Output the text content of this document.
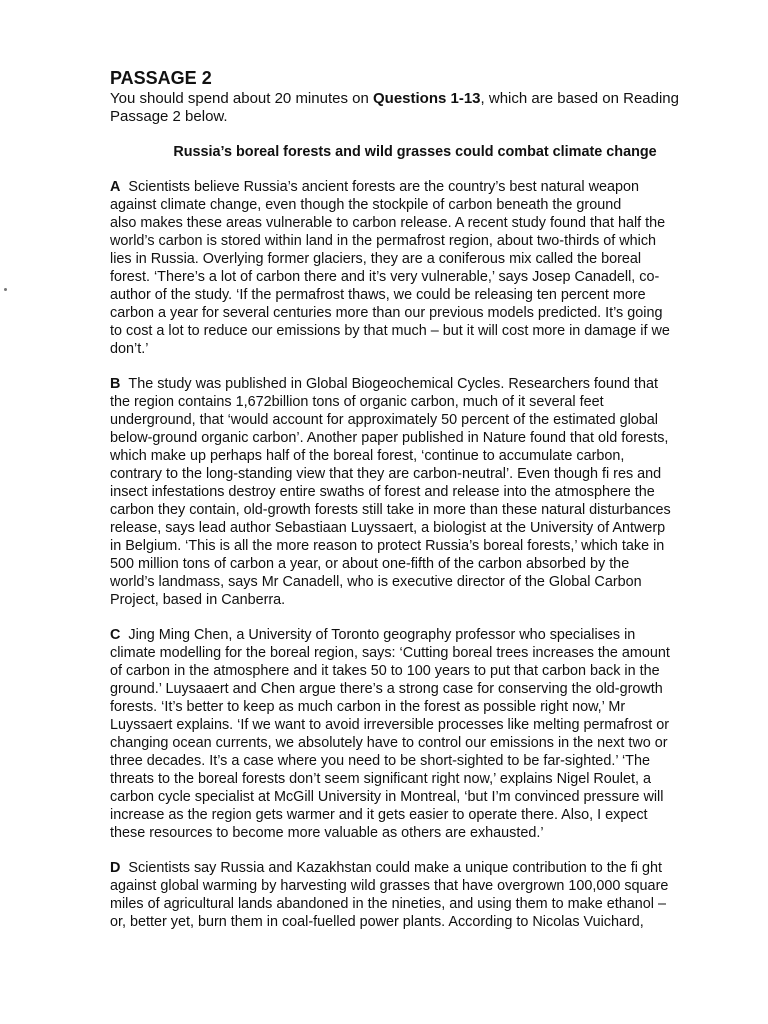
PASSAGE 2

You should spend about 20 minutes on Questions 1-13, which are based on Reading
Passage 2 below.

Russia’s boreal forests and wild grasses could combat climate change

A Scientists believe Russia’s ancient forests are the country’s best natural weapon
against climate change, even though the stockpile of carbon beneath the ground
also makes these areas vulnerable to carbon release. A recent study found that half the
world’s carbon is stored within land in the permafrost region, about two-thirds of which
lies in Russia. Overlying former glaciers, they are a coniferous mix called the boreal
forest. ‘There’s a lot of carbon there and it’s very vulnerable,’ says Josep Canadell, co-
author of the study. ‘If the permafrost thaws, we could be releasing ten percent more
carbon a year for several centuries more than our previous models predicted. It’s going
to cost a lot to reduce our emissions by that much – but it will cost more in damage if we
don’t.’

B The study was published in Global Biogeochemical Cycles. Researchers found that
the region contains 1,672billion tons of organic carbon, much of it several feet
underground, that ‘would account for approximately 50 percent of the estimated global
below-ground organic carbon’. Another paper published in Nature found that old forests,
which make up perhaps half of the boreal forest, ‘continue to accumulate carbon,
contrary to the long-standing view that they are carbon-neutral’. Even though fi res and
insect infestations destroy entire swaths of forest and release into the atmosphere the
carbon they contain, old-growth forests still take in more than these natural disturbances
release, says lead author Sebastiaan Luyssaert, a biologist at the University of Antwerp
in Belgium. ‘This is all the more reason to protect Russia’s boreal forests,’ which take in
500 million tons of carbon a year, or about one-fifth of the carbon absorbed by the
world’s landmass, says Mr Canadell, who is executive director of the Global Carbon
Project, based in Canberra.

C Jing Ming Chen, a University of Toronto geography professor who specialises in
climate modelling for the boreal region, says: ‘Cutting boreal trees increases the amount
of carbon in the atmosphere and it takes 50 to 100 years to put that carbon back in the
ground.’ Luysaaert and Chen argue there’s a strong case for conserving the old-growth
forests. ‘It’s better to keep as much carbon in the forest as possible right now,’ Mr
Luyssaert explains. ‘If we want to avoid irreversible processes like melting permafrost or
changing ocean currents, we absolutely have to control our emissions in the next two or
three decades. It’s a case where you need to be short-sighted to be far-sighted.’ ‘The
threats to the boreal forests don’t seem significant right now,’ explains Nigel Roulet, a
carbon cycle specialist at McGill University in Montreal, ‘but I’m convinced pressure will
increase as the region gets warmer and it gets easier to operate there. Also, I expect
these resources to become more valuable as others are exhausted.’

D Scientists say Russia and Kazakhstan could make a unique contribution to the fi ght
against global warming by harvesting wild grasses that have overgrown 100,000 square
miles of agricultural lands abandoned in the nineties, and using them to make ethanol –
or, better yet, burn them in coal-fuelled power plants. According to Nicolas Vuichard,
